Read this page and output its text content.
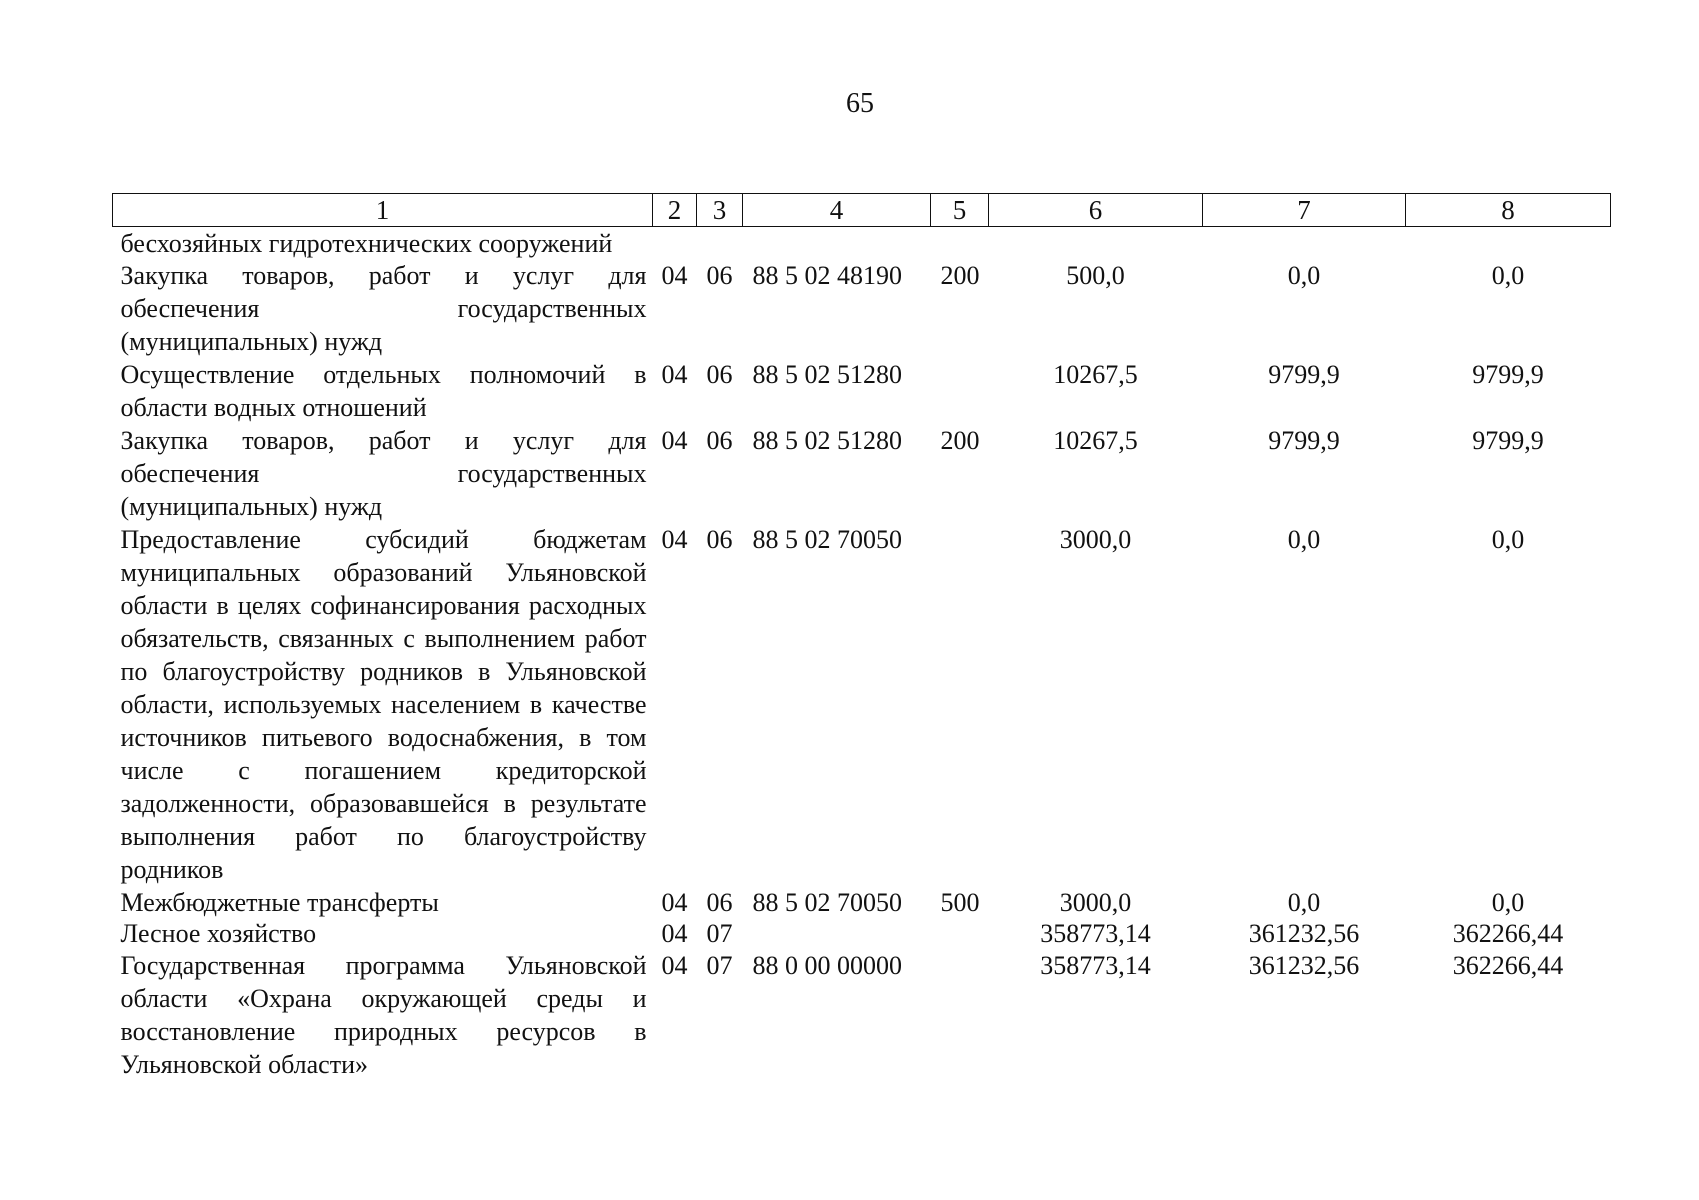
65
1	2	3	4	5	6	7	8
бесхозяйных гидротехнических сооружений							
Закупка товаров, работ и услуг для обеспечения государственных (муниципальных) нужд	04	06	88 5 02 48190	200	500,0	0,0	0,0
Осуществление отдельных полномочий в области водных отношений	04	06	88 5 02 51280		10267,5	9799,9	9799,9
Закупка товаров, работ и услуг для обеспечения государственных (муниципальных) нужд	04	06	88 5 02 51280	200	10267,5	9799,9	9799,9
Предоставление субсидий бюджетам муниципальных образований Ульяновской области в целях софинансирования расходных обязательств, связанных с выполнением работ по благоустройству родников в Ульяновской области, используемых населением в качестве источников питьевого водоснабжения, в том числе с погашением кредиторской задолженности, образовавшейся в результате выполнения работ по благоустройству родников	04	06	88 5 02 70050		3000,0	0,0	0,0
Межбюджетные трансферты	04	06	88 5 02 70050	500	3000,0	0,0	0,0
Лесное хозяйство	04	07			358773,14	361232,56	362266,44
Государственная программа Ульяновской области «Охрана окружающей среды и восстановление природных ресурсов в Ульяновской области»	04	07	88 0 00 00000		358773,14	361232,56	362266,44
